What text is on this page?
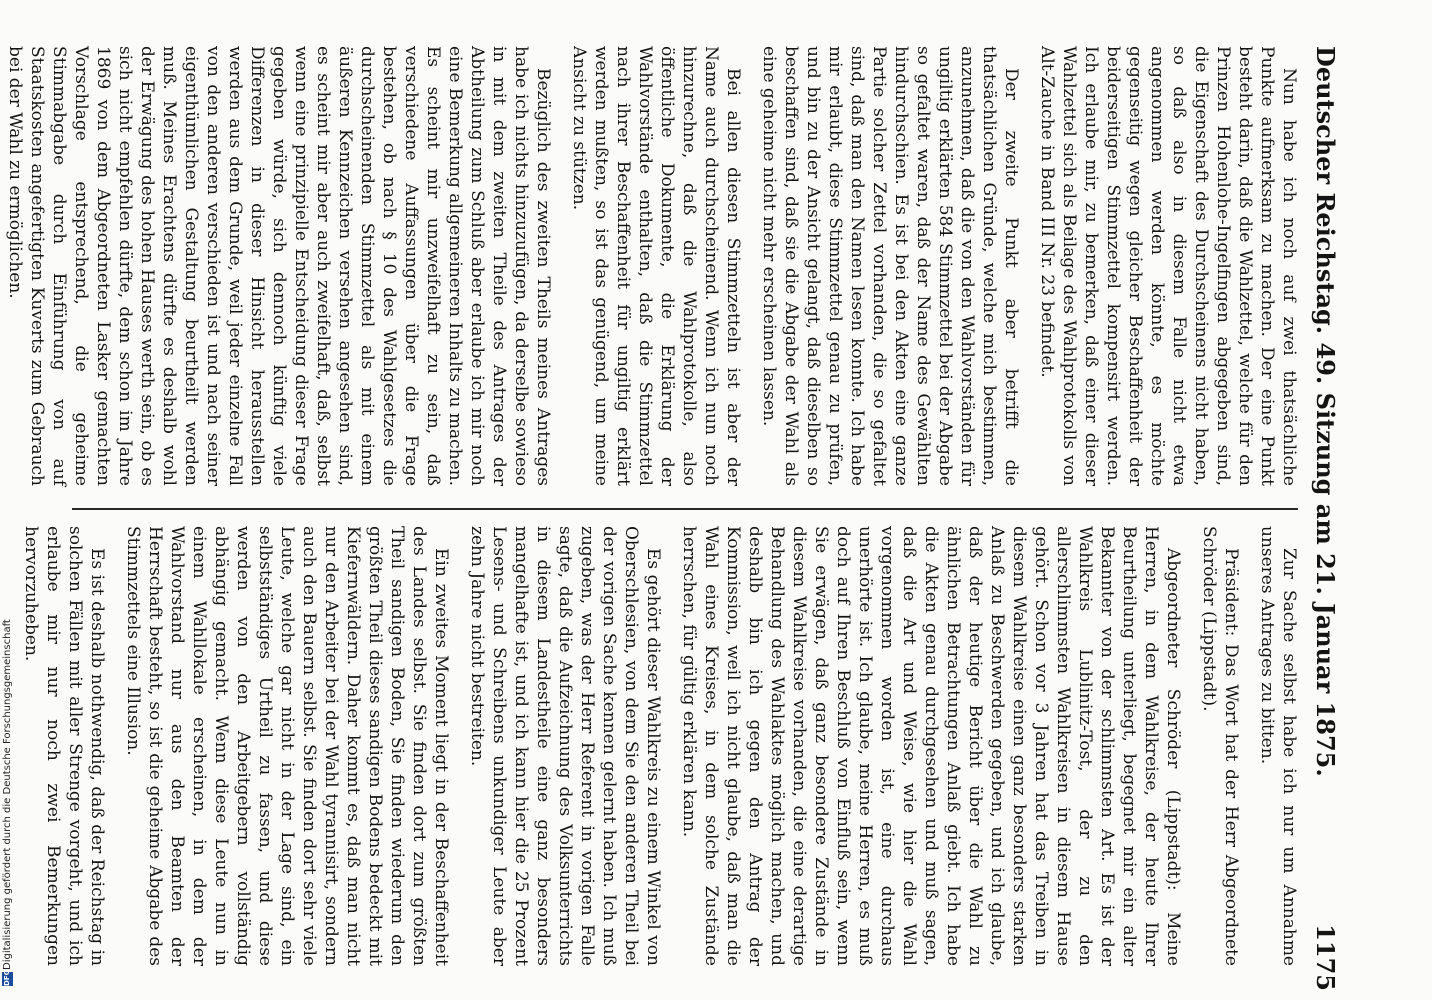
Deutscher Reichstag. 49. Sitzung am 21. Januar 1875.
1175

Nun habe ich noch auf zwei thatsächliche Punkte aufmerksam zu machen. Der eine Punkt besteht darin, daß die Wahlzettel, welche für den Prinzen Hohenlohe-Ingelfingen abgegeben sind, die Eigenschaft des Durchscheinens nicht haben, so daß also in diesem Falle nicht etwa angenommen werden könnte, es möchte gegenseitig wegen gleicher Beschaffenheit der beiderseitigen Stimmzettel kompensirt werden. Ich erlaube mir, zu bemerken, daß einer dieser Wahlzettel sich als Beilage des Wahlprotokolls von Alt-Zauche in Band III Nr. 23 befindet.

Der zweite Punkt aber betrifft die thatsächlichen Gründe, welche mich bestimmen, anzunehmen, daß die von den Wahlvorständen für ungiltig erklärten 584 Stimmzettel bei der Abgabe so gefaltet waren, daß der Name des Gewählten hindurchschien. Es ist bei den Akten eine ganze Partie solcher Zettel vorhanden, die so gefaltet sind, daß man den Namen lesen konnte. Ich habe mir erlaubt, diese Stimmzettel genau zu prüfen, und bin zu der Ansicht gelangt, daß dieselben so beschaffen sind, daß sie die Abgabe der Wahl als eine geheime nicht mehr erscheinen lassen.

Bei allen diesen Stimmzetteln ist aber der Name auch durchscheinend. Wenn ich nun noch hinzurechne, daß die Wahlprotokolle, also öffentliche Dokumente, die Erklärung der Wahlvorstände enthalten, daß die Stimmzettel nach ihrer Beschaffenheit für ungiltig erklärt werden mußten, so ist das genügend, um meine Ansicht zu stützen.

Bezüglich des zweiten Theils meines Antrages habe ich nichts hinzuzufügen, da derselbe sowieso in mit dem zweiten Theile des Antrages der Abtheilung zum Schluß aber erlaube ich mir noch eine Bemerkung allgemeineren Inhalts zu machen. Es scheint mir unzweifelhaft zu sein, daß verschiedene Auffassungen über die Frage bestehen, ob nach § 10 des Wahlgesetzes die durchscheinenden Stimmzettel als mit einem äußeren Kennzeichen versehen angesehen sind, es scheint mir aber auch zweifelhaft, daß, selbst wenn eine prinzipielle Entscheidung dieser Frage gegeben würde, sich dennoch künftig viele Differenzen in dieser Hinsicht herausstellen werden aus dem Grunde, weil jeder einzelne Fall von den anderen verschieden ist und nach seiner eigenthümlichen Gestaltung beurtheilt werden muß. Meines Erachtens dürfte es deshalb wohl der Erwägung des hohen Hauses werth sein, ob es sich nicht empfehlen dürfte, dem schon im Jahre 1869 von dem Abgeordneten Lasker gemachten Vorschlage entsprechend, die geheime Stimmabgabe durch Einführung von auf Staatskosten angefertigten Kuverts zum Gebrauch bei der Wahl zu ermöglichen.

Zur Sache selbst habe ich nur um Annahme unseres Antrages zu bitten.

Präsident: Das Wort hat der Herr Abgeordnete Schröder (Lippstadt).

Abgeordneter Schröder (Lippstadt): Meine Herren, in dem Wahlkreise, der heute Ihrer Beurtheilung unterliegt, begegnet mir ein alter Bekannter von der schlimmsten Art. Es ist der Wahlkreis Lublinitz-Tost, der zu den allerschlimmsten Wahlkreisen in diesem Hause gehört. Schon vor 3 Jahren hat das Treiben in diesem Wahlkreise einen ganz besonders starken Anlaß zu Beschwerden gegeben, und ich glaube, daß der heutige Bericht über die Wahl zu ähnlichen Betrachtungen Anlaß giebt. Ich habe die Akten genau durchgesehen und muß sagen, daß die Art und Weise, wie hier die Wahl vorgenommen worden ist, eine durchaus unerhörte ist. Ich glaube, meine Herren, es muß doch auf Ihren Beschluß von Einfluß sein, wenn Sie erwägen, daß ganz besondere Zustände in diesem Wahlkreise vorhanden, die eine derartige Behandlung des Wahlaktes möglich machen, und deshalb bin ich gegen den Antrag der Kommission, weil ich nicht glaube, daß man die Wahl eines Kreises, in dem solche Zustände herrschen, für gültig erklären kann.

Es gehört dieser Wahlkreis zu einem Winkel von Oberschlesien, von dem Sie den anderen Theil bei der vorigen Sache kennen gelernt haben. Ich muß zugeben, was der Herr Referent in vorigen Falle sagte, daß die Aufzeichnung des Volksunterrichts in diesem Landestheile eine ganz besonders mangelhafte ist, und ich kann hier die 25 Prozent Lesens- und Schreibens unkundiger Leute aber zehn Jahre nicht bestreiten.

Ein zweites Moment liegt in der Beschaffenheit des Landes selbst. Sie finden dort zum größten Theil sandigen Boden, Sie finden wiederum den größten Theil dieses sandigen Bodens bedeckt mit Kiefernwäldern. Daher kommt es, daß man nicht nur den Arbeiter bei der Wahl tyrannisirt, sondern auch den Bauern selbst. Sie finden dort sehr viele Leute, welche gar nicht in der Lage sind, ein selbstständiges Urtheil zu fassen, und diese werden von den Arbeitgebern vollständig abhängig gemacht. Wenn diese Leute nun in einem Wahllokale erscheinen, in dem der Wahlvorstand nur aus den Beamten der Herrschaft besteht, so ist die geheime Abgabe des Stimmzettels eine Illusion.

Es ist deshalb nothwendig, daß der Reichstag in solchen Fällen mit aller Strenge vorgeht, und ich erlaube mir nur noch zwei Bemerkungen hervorzuheben.

DFG
Digitalisierung gefördert durch die Deutsche Forschungsgemeinschaft
